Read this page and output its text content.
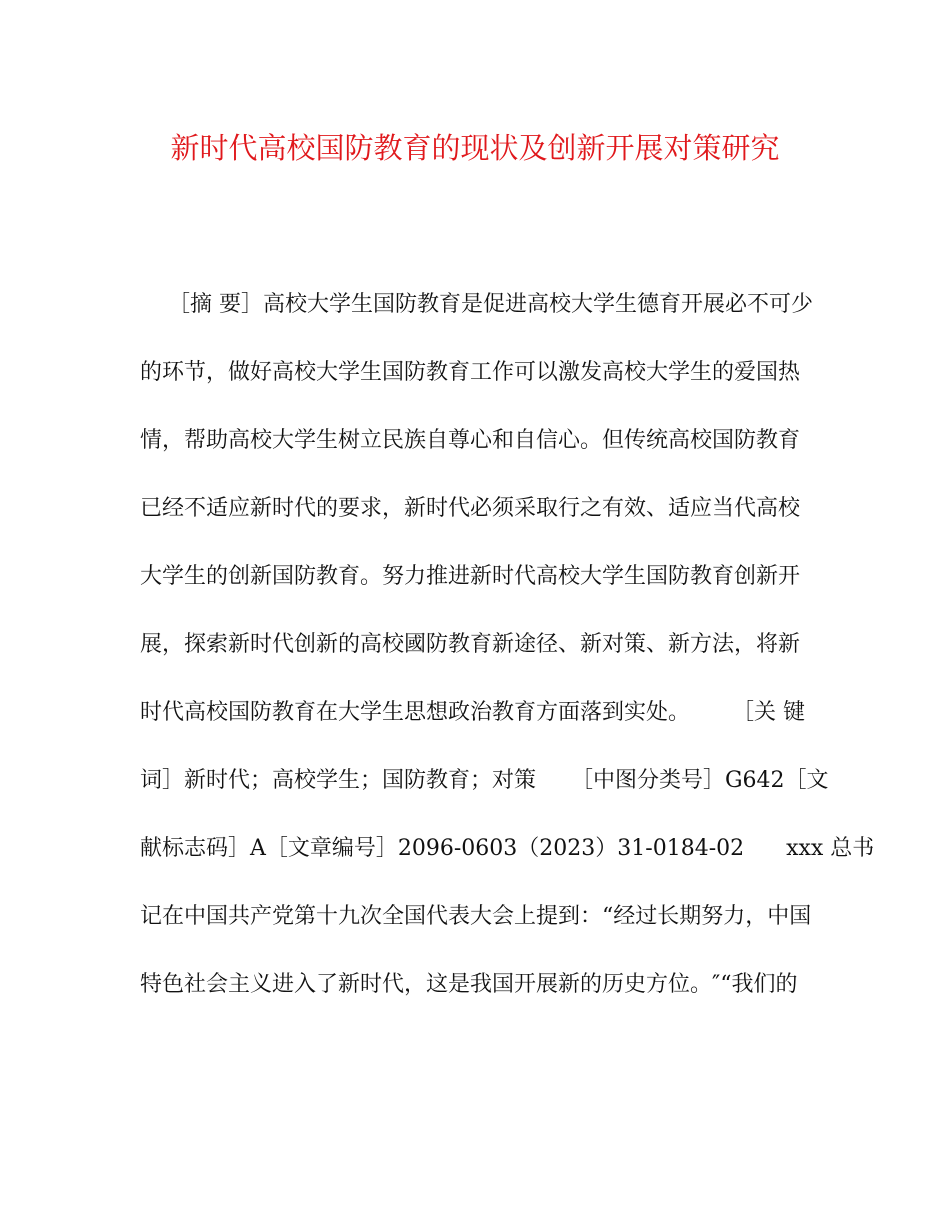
新时代高校国防教育的现状及创新开展对策研究
［摘 要］高校大学生国防教育是促进高校大学生德育开展必不可少
的环节，做好高校大学生国防教育工作可以激发高校大学生的爱国热
情，帮助高校大学生树立民族自尊心和自信心。但传统高校国防教育
已经不适应新时代的要求，新时代必须采取行之有效、适应当代高校
大学生的创新国防教育。努力推进新时代高校大学生国防教育创新开
展，探索新时代创新的高校國防教育新途径、新对策、新方法，将新
时代高校国防教育在大学生思想政治教育方面落到实处。      ［关 键
词］新时代；高校学生；国防教育；对策     ［中图分类号］G642［文
献标志码］A［文章编号］2096-0603（2023）31-0184-02      xxx 总书
记在中国共产党第十九次全国代表大会上提到：“经过长期努力，中国
特色社会主义进入了新时代，这是我国开展新的历史方位。″“我们的
